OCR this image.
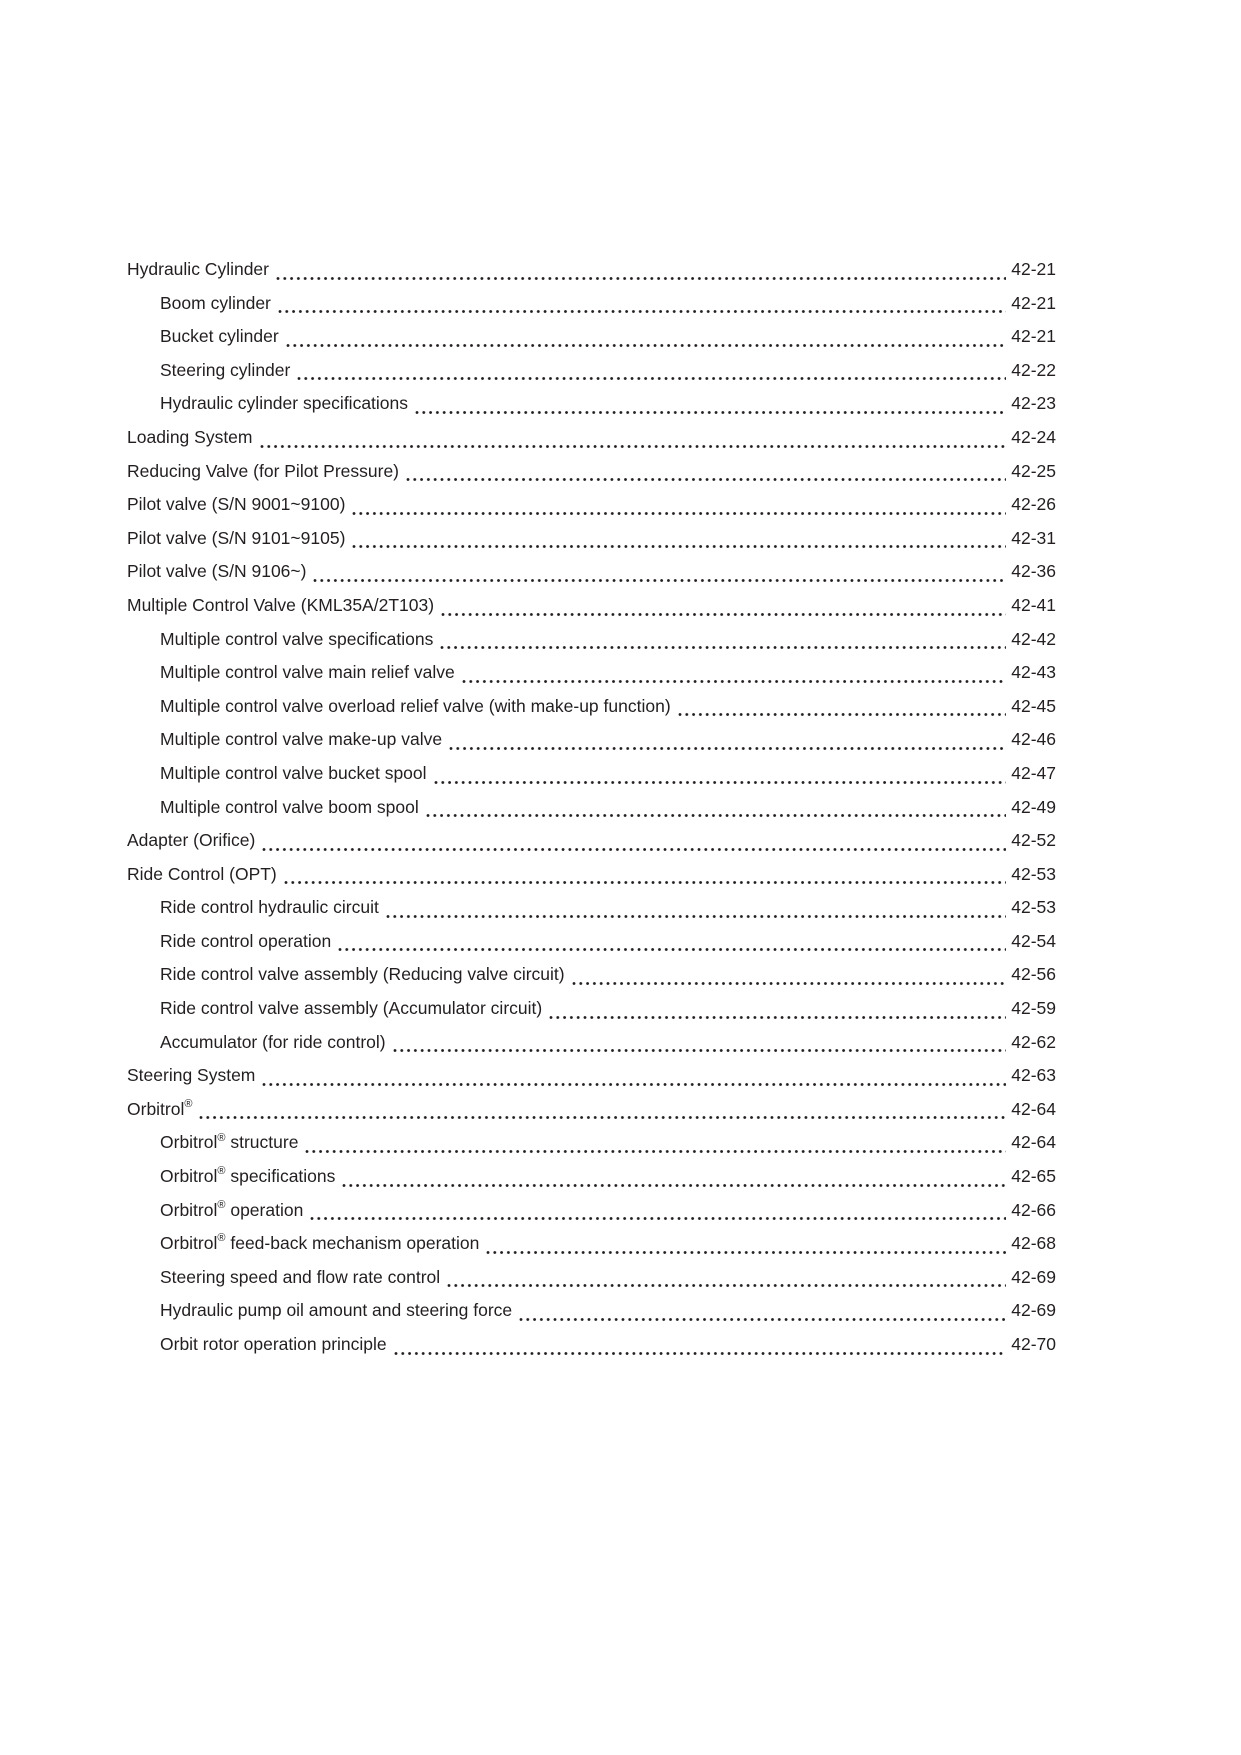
Hydraulic Cylinder	42-21
Boom cylinder	42-21
Bucket cylinder	42-21
Steering cylinder	42-22
Hydraulic cylinder specifications	42-23
Loading System	42-24
Reducing Valve (for Pilot Pressure)	42-25
Pilot valve (S/N 9001~9100)	42-26
Pilot valve (S/N 9101~9105)	42-31
Pilot valve (S/N 9106~)	42-36
Multiple Control Valve (KML35A/2T103)	42-41
Multiple control valve specifications	42-42
Multiple control valve main relief valve	42-43
Multiple control valve overload relief valve (with make-up function)	42-45
Multiple control valve make-up valve	42-46
Multiple control valve bucket spool	42-47
Multiple control valve boom spool	42-49
Adapter (Orifice)	42-52
Ride Control (OPT)	42-53
Ride control hydraulic circuit	42-53
Ride control operation	42-54
Ride control valve assembly (Reducing valve circuit)	42-56
Ride control valve assembly (Accumulator circuit)	42-59
Accumulator (for ride control)	42-62
Steering System	42-63
Orbitrol®	42-64
Orbitrol® structure	42-64
Orbitrol® specifications	42-65
Orbitrol® operation	42-66
Orbitrol® feed-back mechanism operation	42-68
Steering speed and flow rate control	42-69
Hydraulic pump oil amount and steering force	42-69
Orbit rotor operation principle	42-70
